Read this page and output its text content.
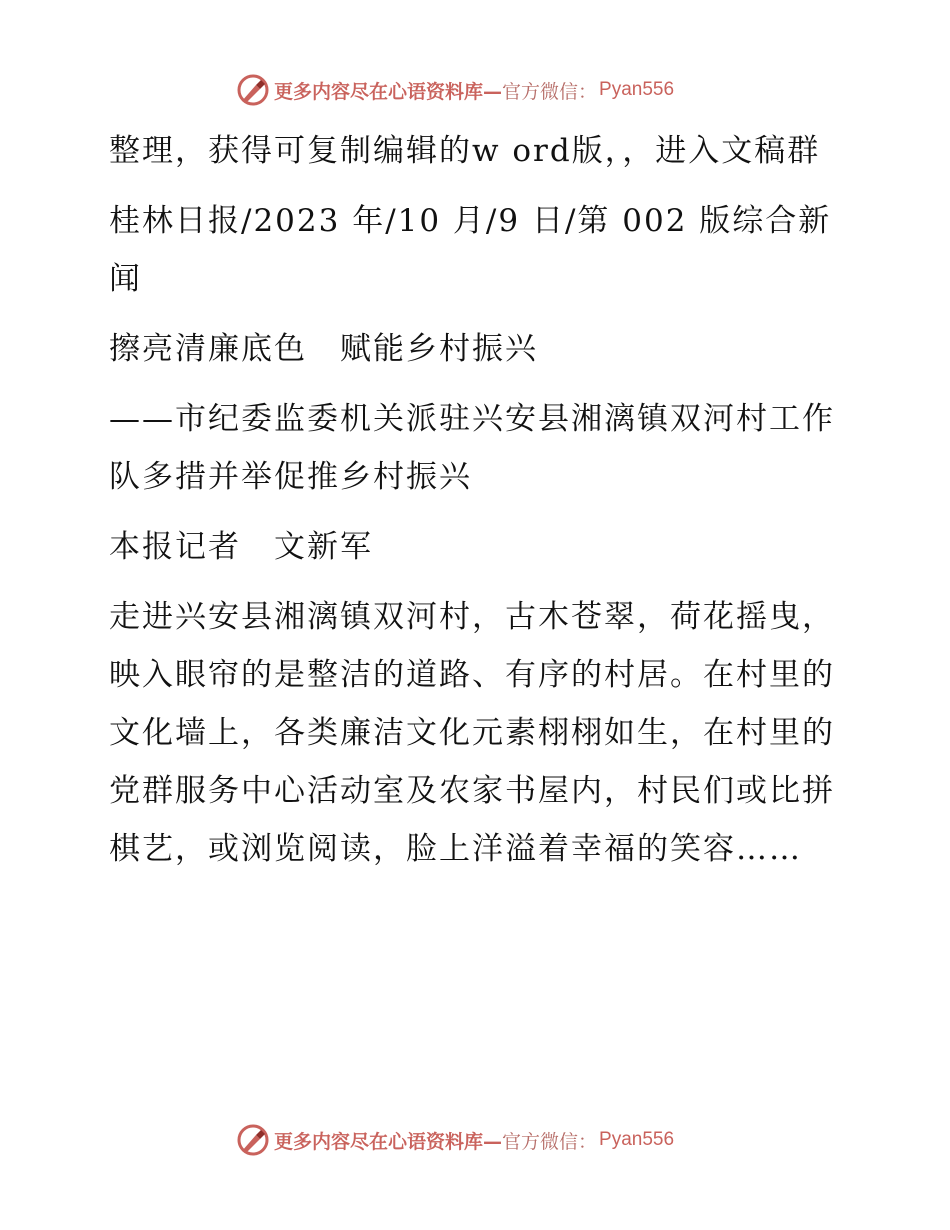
更多内容尽在心语资料库— 官方微信： Pyan556

整理，获得可复制编辑的w ord版，，进入文稿群

桂林日报/2023 年/10 月/9 日/第 002 版综合新闻

擦亮清廉底色　赋能乡村振兴

——市纪委监委机关派驻兴安县湘漓镇双河村工作队多措并举促推乡村振兴

本报记者　文新军

走进兴安县湘漓镇双河村，古木苍翠，荷花摇曳，映入眼帘的是整洁的道路、有序的村居。在村里的文化墙上，各类廉洁文化元素栩栩如生，在村里的党群服务中心活动室及农家书屋内，村民们或比拼棋艺，或浏览阅读，脸上洋溢着幸福的笑容……

更多内容尽在心语资料库— 官方微信： Pyan556
